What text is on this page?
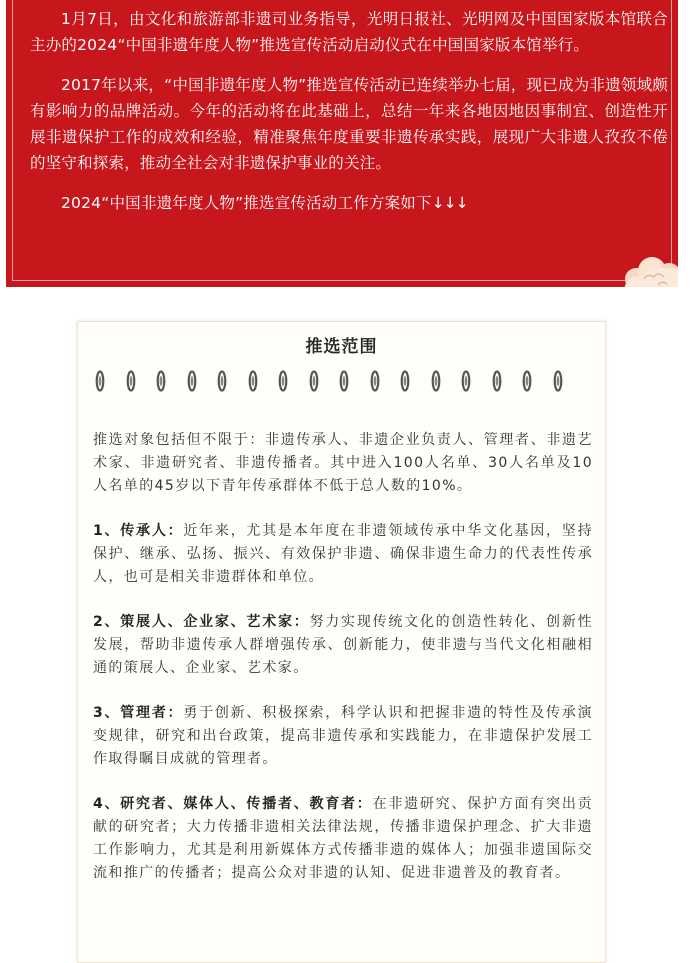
1月7日，由文化和旅游部非遗司业务指导，光明日报社、光明网及中国国家版本馆联合主办的2024“中国非遗年度人物”推选宣传活动启动仪式在中国国家版本馆举行。

2017年以来，“中国非遗年度人物”推选宣传活动已连续举办七届，现已成为非遗领域颇有影响力的品牌活动。今年的活动将在此基础上，总结一年来各地因地因事制宜、创造性开展非遗保护工作的成效和经验，精准聚焦年度重要非遗传承实践，展现广大非遗人孜孜不倦的坚守和探索，推动全社会对非遗保护事业的关注。

2024“中国非遗年度人物”推选宣传活动工作方案如下↓↓↓

推选范围

推选对象包括但不限于：非遗传承人、非遗企业负责人、管理者、非遗艺术家、非遗研究者、非遗传播者。其中进入100人名单、30人名单及10人名单的45岁以下青年传承群体不低于总人数的10%。

1、传承人：近年来，尤其是本年度在非遗领域传承中华文化基因，坚持保护、继承、弘扬、振兴、有效保护非遗、确保非遗生命力的代表性传承人，也可是相关非遗群体和单位。

2、策展人、企业家、艺术家：努力实现传统文化的创造性转化、创新性发展，帮助非遗传承人群增强传承、创新能力，使非遗与当代文化相融相通的策展人、企业家、艺术家。

3、管理者：勇于创新、积极探索，科学认识和把握非遗的特性及传承演变规律，研究和出台政策，提高非遗传承和实践能力，在非遗保护发展工作取得瞩目成就的管理者。

4、研究者、媒体人、传播者、教育者：在非遗研究、保护方面有突出贡献的研究者；大力传播非遗相关法律法规，传播非遗保护理念、扩大非遗工作影响力，尤其是利用新媒体方式传播非遗的媒体人；加强非遗国际交流和推广的传播者；提高公众对非遗的认知、促进非遗普及的教育者。
